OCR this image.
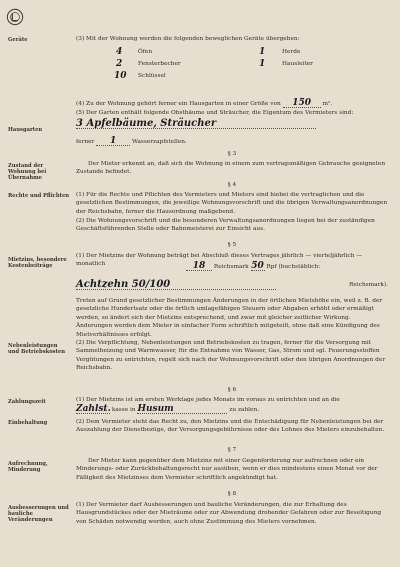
Geräte
Hausgarten
Zustand der Wohnung bei Übernahme
Rechte und Pflichten
Mietzins, besondere Kostenbeiträge
Nebenleistungen und Betriebskosten
Zahlungszeit
Einbehaltung
Aufrechnung, Minderung
Ausbesserungen und bauliche Veränderungen
(3) Mit der Wohnung werden die folgenden beweglichen Geräte übergeben:
4	Öfen	1	Herde
2	Fensterbecher	1	Hausleiter
10 Schlüssel
(4) Zu der Wohnung gehört ferner ein Hausgarten in einer Größe von 150 m².
(5) Der Garten enthält folgende Obstbäume und Sträucher, die Eigentum des Vermieters sind:
3 Apfelbäume, Sträucher
ferner 1	Wasserzapfstellen.
§ 3
Der Mieter erkennt an, daß sich die Wohnung in einem zum vertragsmäßigen Gebrauche geeigneten Zustande befindet.
§ 4
(1) Für die Rechte und Pflichten des Vermieters und Mieters sind hiebei die vertraglichen und die gesetzlichen Bestimmungen, die jeweilige Wohnungsvorschrift und die übrigen Verwaltungsanordnungen der Reichsbahn, ferner die Hausordnung maßgebend.
(2) Die Wohnungsvorschrift und die besonderen Verwaltungsanordnungen liegen bei der zuständigen Geschäftsführenden Stelle oder Bahnmeisterei zur Einsicht aus.
§ 5
(1) Der Mietzins der Wohnung beträgt bei Abschluß dieses Vertrages jährlich — vierteljährlich — monatlich	18 Reichsmark 50 Rpf (buchstäblich:
Achtzehn 50/100	Reichsmark).
Treten auf Grund gesetzlicher Bestimmungen Änderungen in der örtlichen Mietshöhe ein, weil z. B. der gesetzliche Hundertsatz oder die örtlich umlagefähigen Steuern oder Abgaben erhöht oder ermäßigt werden, so ändert sich der Mietzins entsprechend, und zwar mit gleicher zeitlicher Wirkung. Änderungen werden dem Mieter in einfacher Form schriftlich mitgeteilt, ohne daß eine Kündigung des Mietverhältnisses erfolgt.
(2) Die Verpflichtung, Nebenleistungen und Betriebskosten zu tragen, ferner für die Versorgung mit Sammelheizung und Warmwasser, für die Entnahme von Wasser, Gas, Strom und sgl. Feuerungsstoffen Vergütungen zu entrichten, regelt sich nach der Wohnungsvorschrift oder den übrigen Anordnungen der Reichsbahn.
§ 6
(1) Der Mietzins ist am ersten Werktage jedes Monats im voraus zu entrichten und an die
Zahlst. kasse in Husum	zu zahlen.
(2) Dem Vermieter steht das Recht zu, den Mietzins und die Entschädigung für Nebenleistungen bei der Auszahlung der Dienstbezüge, der Versorgungsgebührnisse oder des Lohnes des Mieters einzubehalten.
§ 7
Der Mieter kann gegenüber dem Mietzins mit einer Gegenforderung nur aufrechnen oder ein Minderungs- oder Zurückbehaltungsrecht nur ausüben, wenn er dies mindestens einen Monat vor der Fälligkeit des Mietzinses dem Vermieter schriftlich angekündigt hat.
§ 8
(1) Der Vermieter darf Ausbesserungen und bauliche Veränderungen, die zur Erhaltung des Hausgrundstückes oder der Mieträume oder zur Abwendung drohender Gefahren oder zur Beseitigung von Schäden notwendig werden, auch ohne Zustimmung des Mieters vornehmen.
